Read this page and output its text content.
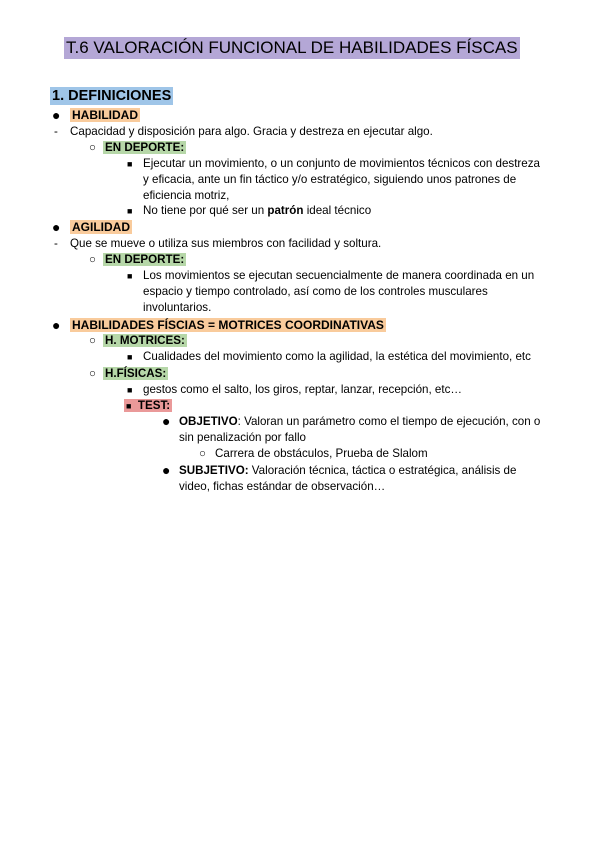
T.6 VALORACIÓN FUNCIONAL DE HABILIDADES FÍSCAS
1. DEFINICIONES
● HABILIDAD
- Capacidad y disposición para algo. Gracia y destreza en ejecutar algo.
○ EN DEPORTE:
■ Ejecutar un movimiento, o un conjunto de movimientos técnicos con destreza
y eficacia, ante un fin táctico y/o estratégico, siguiendo unos patrones de
eficiencia motriz,
■ No tiene por qué ser un patrón ideal técnico
● AGILIDAD
- Que se mueve o utiliza sus miembros con facilidad y soltura.
○ EN DEPORTE:
■ Los movimientos se ejecutan secuencialmente de manera coordinada en un
espacio y tiempo controlado, así como de los controles musculares
involuntarios.
● HABILIDADES FÍSCIAS = MOTRICES COORDINATIVAS
○ H. MOTRICES:
■ Cualidades del movimiento como la agilidad, la estética del movimiento, etc
○ H.FÍSICAS:
■ gestos como el salto, los giros, reptar, lanzar, recepción, etc…
■ TEST:
● OBJETIVO: Valoran un parámetro como el tiempo de ejecución, con o
sin penalización por fallo
○ Carrera de obstáculos, Prueba de Slalom
● SUBJETIVO: Valoración técnica, táctica o estratégica, análisis de
video, fichas estándar de observación…
